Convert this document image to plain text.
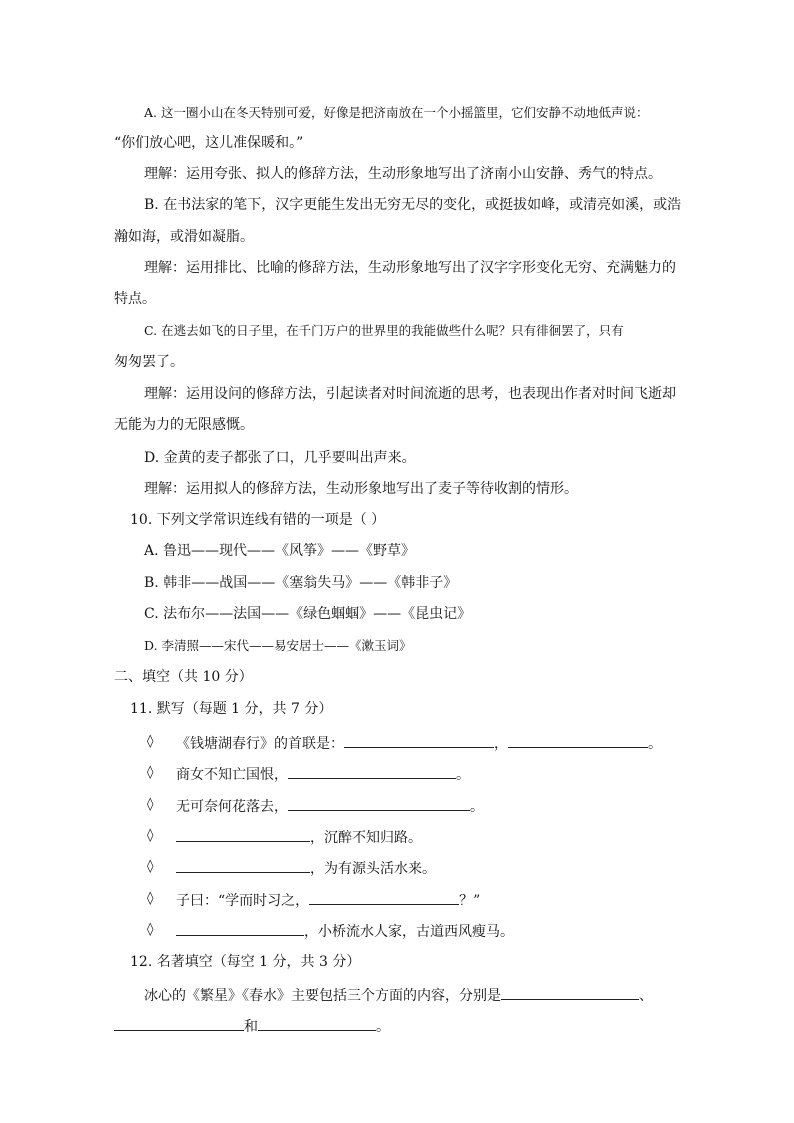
A. 这一圈小山在冬天特别可爱，好像是把济南放在一个小摇篮里，它们安静不动地低声说：
“你们放心吧，这儿准保暖和。”
理解：运用夸张、拟人的修辞方法，生动形象地写出了济南小山安静、秀气的特点。
B. 在书法家的笔下，汉字更能生发出无穷无尽的变化，或挺拔如峰，或清亮如溪，或浩
瀚如海，或滑如凝脂。
理解：运用排比、比喻的修辞方法，生动形象地写出了汉字字形变化无穷、充满魅力的
特点。
C. 在逃去如飞的日子里，在千门万户的世界里的我能做些什么呢？只有徘徊罢了，只有
匆匆罢了。
理解：运用设问的修辞方法，引起读者对时间流逝的思考，也表现出作者对时间飞逝却
无能为力的无限感慨。
D. 金黄的麦子都张了口，几乎要叫出声来。
理解：运用拟人的修辞方法，生动形象地写出了麦子等待收割的情形。
10. 下列文学常识连线有错的一项是（ ）
A. 鲁迅——现代——《风筝》——《野草》
B. 韩非——战国——《塞翁失马》——《韩非子》
C. 法布尔——法国——《绿色蝈蝈》——《昆虫记》
D. 李清照——宋代——易安居士——《漱玉词》
二、填空（共 10 分）
11. 默写（每题 1 分，共 7 分）
◊ 《钱塘湖春行》的首联是：	，	。
◊ 商女不知亡国恨，	。
◊ 无可奈何花落去，	。
◊	，沉醉不知归路。
◊	，为有源头活水来。
◊ 子曰：“学而时习之，	？”
◊	，小桥流水人家，古道西风瘦马。
12. 名著填空（每空 1 分，共 3 分）
冰心的《繁星》《春水》主要包括三个方面的内容，分别是	、
和	。
